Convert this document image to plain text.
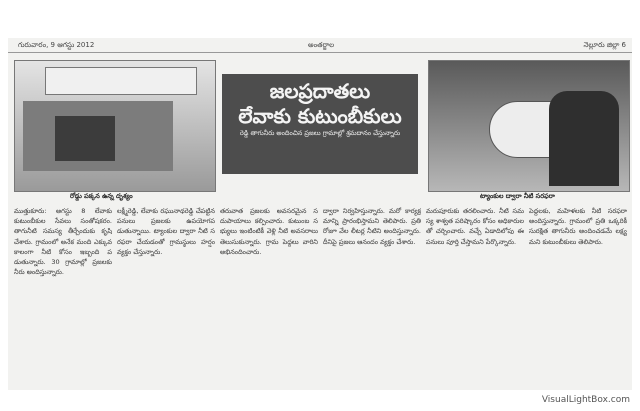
గురువారం, 9 ఆగస్టు 2012	అంతర్జాల	నెల్లూరు జిల్లా 6
జలప్రదాతలు
లేవాకు కుటుంబీకులు
రెడ్డి తాగునీరు అందించిన ప్రజలు గ్రామాల్లో శ్రమదానం చేస్తున్నారు
రోడ్డు పక్కన ఉన్న దృశ్యం	ట్యాంకుల ద్వారా నీటి సరఫరా
ముత్తుకూరు: అగస్టు 8 లేవాకు కుటుంబీకుల సేవలు సంతోషకరం. తాగునీటి సమస్య తీర్చేందుకు కృషి చేశారు. గ్రామంలో అనేక మంది ఎక్కువ కాలంగా నీటి కోసం ఇబ్బంది పడుతున్నారు. 30 గ్రామాల్లో ప్రజలకు నీరు అందిస్తున్నారు.
లక్ష్మీరెడ్డి, లేవాకు రఘునాథరెడ్డి చేపట్టిన పనులు ప్రజలకు ఉపయోగపడుతున్నాయి. ట్యాంకుల ద్వారా నీటి సరఫరా చేయడంతో గ్రామస్థులు హర్షం వ్యక్తం చేస్తున్నారు.
తరువాత ప్రజలకు అవసరమైన సదుపాయాలు కల్పించారు. కుటుంబ సభ్యులు ఇంటింటికీ వెళ్లి నీటి అవసరాలు తెలుసుకున్నారు. గ్రామ పెద్దలు వారిని అభినందించారు.
ద్వారా నిర్వహిస్తున్నారు. మరో కార్యక్రమాన్ని ప్రారంభిస్తామని తెలిపారు. ప్రతి రోజూ వేల లీటర్ల నీటిని అందిస్తున్నారు. దీనిపై ప్రజలు ఆనందం వ్యక్తం చేశారు.
మరుపూరుకు తరలించారు. నీటి సమస్య శాశ్వత పరిష్కారం కోసం అధికారులతో చర్చించారు. వచ్చే ఏడాదిలోపు ఈ పనులు పూర్తి చేస్తామని పేర్కొన్నారు.
పెద్దలకు, మహిళలకు నీటి సరఫరా అందిస్తున్నారు. గ్రామంలో ప్రతి ఒక్కరికీ సురక్షిత తాగునీరు అందించడమే లక్ష్యమని కుటుంబీకులు తెలిపారు.
VisualLightBox.com
